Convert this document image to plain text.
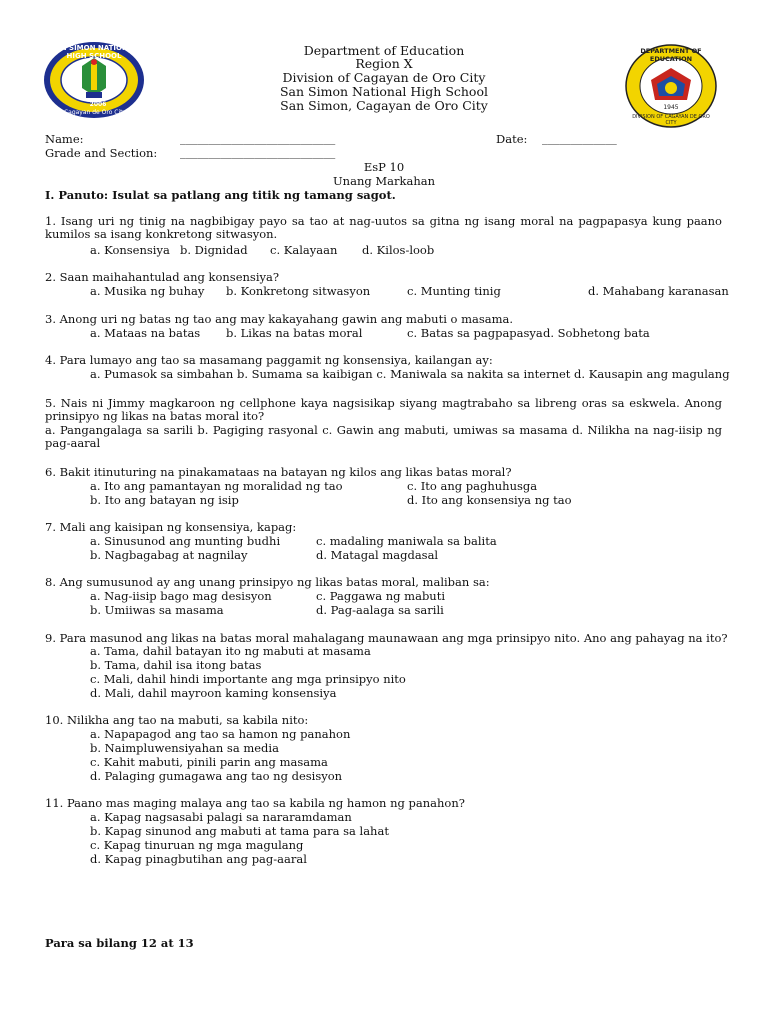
SAN SIMON NATIONAL HIGH SCHOOL
2006
Cagayan de Oro City
DEPARTMENT OF EDUCATION
1945
DIVISION OF CAGAYAN DE ORO CITY
Department of Education
Region X
Division of Cagayan de Oro City
San Simon National High School
San Simon, Cagayan de Oro City
Name:	___________________________	Date: _____________
Grade and Section: ___________________________
EsP 10
Unang Markahan
I. Panuto: Isulat sa patlang ang titik ng tamang sagot.
1. Isang uri ng tinig na nagbibigay payo sa tao at nag-uutos sa gitna ng isang moral na pagpapasya kung paano kumilos sa isang konkretong sitwasyon.
a. Konsensiya b. Dignidad c. Kalayaan d. Kilos-loob
2. Saan maihahantulad ang konsensiya?
a. Musika ng buhay b. Konkretong sitwasyon	c. Munting tinig	d. Mahabang karanasan
3. Anong uri ng batas ng tao ang may kakayahang gawin ang mabuti o masama.
a. Mataas na batas b. Likas na batas moral	c. Batas sa pagpapasya d. Sobhetong bata
4. Para lumayo ang tao sa masamang paggamit ng konsensiya, kailangan ay:
a. Pumasok sa simbahan b. Sumama sa kaibigan c. Maniwala sa nakita sa internet d. Kausapin ang magulang
5. Nais ni Jimmy magkaroon ng cellphone kaya nagsisikap siyang magtrabaho sa libreng oras sa eskwela. Anong prinsipyo ng likas na batas moral ito?
a. Pangangalaga sa sarili b. Pagiging rasyonal c. Gawin ang mabuti, umiwas sa masama d. Nilikha na nag-iisip ng pag-aaral
6. Bakit itinuturing na pinakamataas na batayan ng kilos ang likas batas moral?
a. Ito ang pamantayan ng moralidad ng tao	c. Ito ang paghuhusga
b. Ito ang batayan ng isip	d. Ito ang konsensiya ng tao
7. Mali ang kaisipan ng konsensiya, kapag:
a. Sinusunod ang munting budhi	c. madaling maniwala sa balita
b. Nagbagabag at nagnilay	d. Matagal magdasal
8. Ang sumusunod ay ang unang prinsipyo ng likas batas moral, maliban sa:
a. Nag-iisip bago mag desisyon	c. Paggawa ng mabuti
b. Umiiwas sa masama	d. Pag-aalaga sa sarili
9. Para masunod ang likas na batas moral mahalagang maunawaan ang mga prinsipyo nito. Ano ang pahayag na ito?
a. Tama, dahil batayan ito ng mabuti at masama
b. Tama, dahil isa itong batas
c. Mali, dahil hindi importante ang mga prinsipyo nito
d. Mali, dahil mayroon kaming konsensiya
10. Nilikha ang tao na mabuti, sa kabila nito:
a. Napapagod ang tao sa hamon ng panahon
b. Naimpluwensiyahan sa media
c. Kahit mabuti, pinili parin ang masama
d. Palaging gumagawa ang tao ng desisyon
11. Paano mas maging malaya ang tao sa kabila ng hamon ng panahon?
a. Kapag nagsasabi palagi sa nararamdaman
b. Kapag sinunod ang mabuti at tama para sa lahat
c. Kapag tinuruan ng mga magulang
d. Kapag pinagbutihan ang pag-aaral
Para sa bilang 12 at 13
